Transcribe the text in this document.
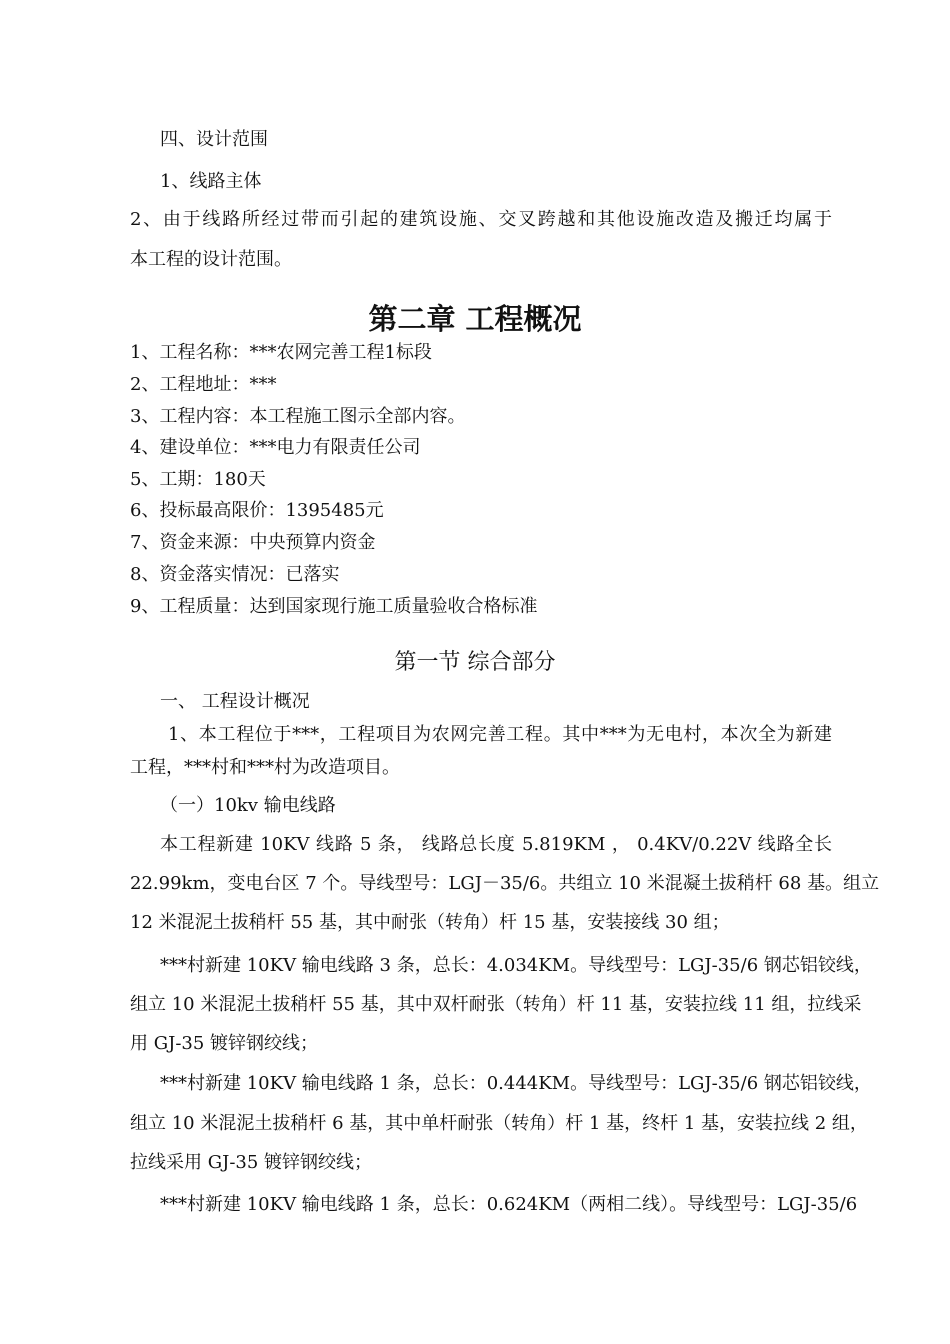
四、设计范围
1、线路主体
2、由于线路所经过带而引起的建筑设施、交叉跨越和其他设施改造及搬迁均属于
本工程的设计范围。
第二章 工程概况
1、工程名称：***农网完善工程1标段
2、工程地址：***
3、工程内容：本工程施工图示全部内容。
4、建设单位：***电力有限责任公司
5、工期：180天
6、投标最高限价：1395485元
7、资金来源：中央预算内资金
8、资金落实情况：已落实
9、工程质量：达到国家现行施工质量验收合格标准
第一节 综合部分
一、 工程设计概况
1、本工程位于***，工程项目为农网完善工程。其中***为无电村，本次全为新建
工程，***村和***村为改造项目。
（一）10kv 输电线路
本工程新建 10KV 线路 5 条， 线路总长度 5.819KM ， 0.4KV/0.22V 线路全长
22.99km，变电台区 7 个。导线型号：LGJ－35/6。共组立 10 米混凝土拔稍杆 68 基。组立
12 米混泥土拔稍杆 55 基，其中耐张（转角）杆 15 基，安装接线 30 组；
***村新建 10KV 输电线路 3 条，总长：4.034KM。导线型号：LGJ-35/6 钢芯铝铰线，
组立 10 米混泥土拔稍杆 55 基，其中双杆耐张（转角）杆 11 基，安装拉线 11 组，拉线采
用 GJ-35 镀锌钢绞线；
***村新建 10KV 输电线路 1 条，总长：0.444KM。导线型号：LGJ-35/6 钢芯铝铰线，
组立 10 米混泥土拔稍杆 6 基，其中单杆耐张（转角）杆 1 基，终杆 1 基，安装拉线 2 组，
拉线采用 GJ-35 镀锌钢绞线；
***村新建 10KV 输电线路 1 条，总长：0.624KM（两相二线）。导线型号：LGJ-35/6
